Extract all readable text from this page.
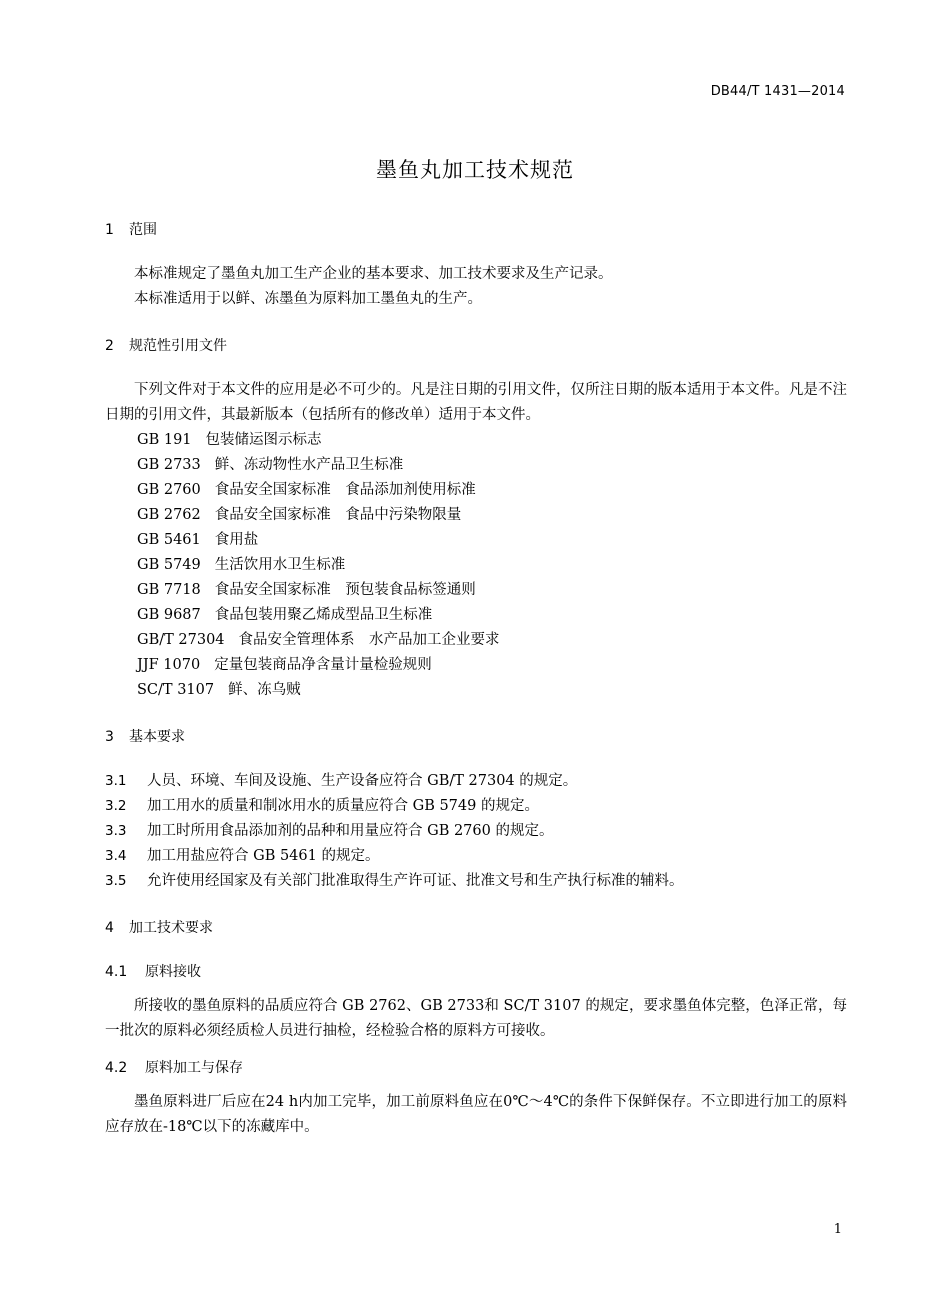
DB44/T 1431—2014
墨鱼丸加工技术规范
1 范围

本标准规定了墨鱼丸加工生产企业的基本要求、加工技术要求及生产记录。

本标准适用于以鲜、冻墨鱼为原料加工墨鱼丸的生产。

2 规范性引用文件

下列文件对于本文件的应用是必不可少的。凡是注日期的引用文件，仅所注日期的版本适用于本文件。凡是不注日期的引用文件，其最新版本（包括所有的修改单）适用于本文件。

GB 191 包装储运图示标志
GB 2733 鲜、冻动物性水产品卫生标准
GB 2760 食品安全国家标准　食品添加剂使用标准
GB 2762 食品安全国家标准　食品中污染物限量
GB 5461 食用盐
GB 5749 生活饮用水卫生标准
GB 7718 食品安全国家标准　预包装食品标签通则
GB 9687 食品包装用聚乙烯成型品卫生标准
GB/T 27304 食品安全管理体系　水产品加工企业要求
JJF 1070 定量包装商品净含量计量检验规则
SC/T 3107 鲜、冻乌贼
3 基本要求
3.1 人员、环境、车间及设施、生产设备应符合 GB/T 27304 的规定。
3.2 加工用水的质量和制冰用水的质量应符合 GB 5749 的规定。
3.3 加工时所用食品添加剂的品种和用量应符合 GB 2760 的规定。
3.4 加工用盐应符合 GB 5461 的规定。
3.5 允许使用经国家及有关部门批准取得生产许可证、批准文号和生产执行标准的辅料。
4 加工技术要求
4.1 原料接收

所接收的墨鱼原料的品质应符合 GB 2762、GB 2733和 SC/T 3107 的规定，要求墨鱼体完整，色泽正常，每一批次的原料必须经质检人员进行抽检，经检验合格的原料方可接收。

4.2 原料加工与保存

墨鱼原料进厂后应在24 h内加工完毕，加工前原料鱼应在0℃～4℃的条件下保鲜保存。不立即进行加工的原料应存放在-18℃以下的冻藏库中。

1
